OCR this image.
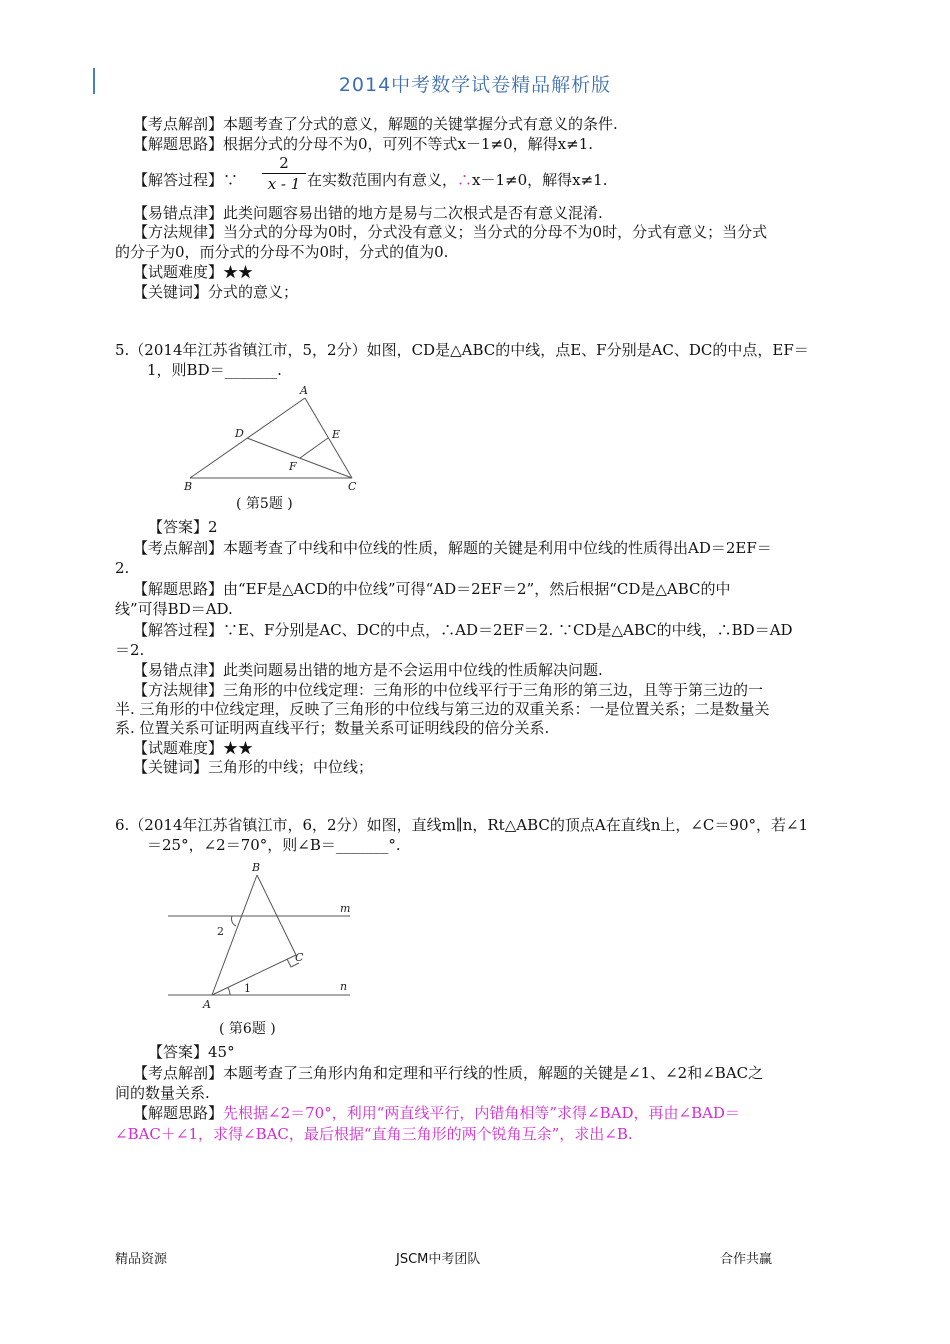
2014中考数学试卷精品解析版
【考点解剖】本题考查了分式的意义，解题的关键掌握分式有意义的条件.
【解题思路】根据分式的分母不为0，可列不等式x－1≠0，解得x≠1.
【解答过程】∵
2
x - 1 在实数范围内有意义，∴x－1≠0，解得x≠1.
【易错点津】此类问题容易出错的地方是易与二次根式是否有意义混淆.
【方法规律】当分式的分母为0时，分式没有意义；当分式的分母不为0时，分式有意义；当分式
的分子为0，而分式的分母不为0时，分式的值为0.
【试题难度】★★
【关键词】分式的意义；
5.（2014年江苏省镇江市，5，2分）如图，CD是△ABC的中线，点E、F分别是AC、DC的中点，EF＝
1，则BD＝_______.
A
B	C
D	E
F
( 第5题 )
【答案】2
【考点解剖】本题考查了中线和中位线的性质，解题的关键是利用中位线的性质得出AD＝2EF＝
2.
【解题思路】由“EF是△ACD的中位线”可得“AD＝2EF＝2”，然后根据“CD是△ABC的中
线”可得BD＝AD.
【解答过程】∵E、F分别是AC、DC的中点，∴AD＝2EF＝2. ∵CD是△ABC的中线，∴BD＝AD
＝2.
【易错点津】此类问题易出错的地方是不会运用中位线的性质解决问题.
【方法规律】三角形的中位线定理：三角形的中位线平行于三角形的第三边，且等于第三边的一
半. 三角形的中位线定理，反映了三角形的中位线与第三边的双重关系：一是位置关系；二是数量关
系. 位置关系可证明两直线平行；数量关系可证明线段的倍分关系.
【试题难度】★★
【关键词】三角形的中线；中位线；
6.（2014年江苏省镇江市，6，2分）如图，直线m∥n，Rt△ABC的顶点A在直线n上，∠C＝90°，若∠1
＝25°，∠2＝70°，则∠B＝_______°.
B
m
2
C
A
1	n
( 第6题 )
【答案】45°
【考点解剖】本题考查了三角形内角和定理和平行线的性质，解题的关键是∠1、∠2和∠BAC之
间的数量关系.
【解题思路】先根据∠2＝70°，利用“两直线平行，内错角相等”求得∠BAD，再由∠BAD＝
∠BAC＋∠1，求得∠BAC，最后根据“直角三角形的两个锐角互余”，求出∠B.
精品资源	JSCM中考团队	合作共赢
